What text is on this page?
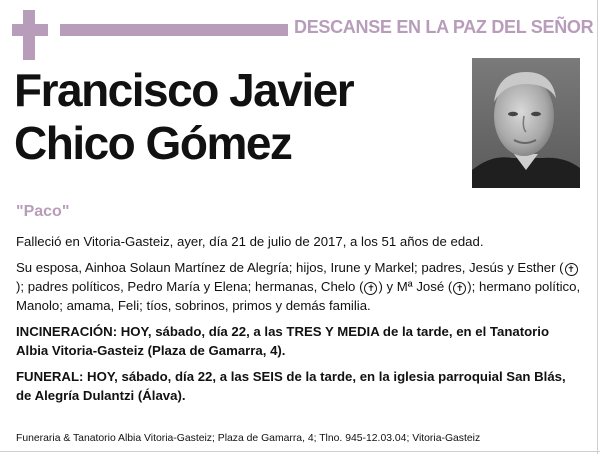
DESCANSE EN LA PAZ DEL SEÑOR
Francisco Javier
Chico Gómez
"Paco"

Falleció en Vitoria-Gasteiz, ayer, día 21 de julio de 2017, a los 51 años de edad.

Su esposa, Ainhoa Solaun Martínez de Alegría; hijos, Irune y Markel; padres, Jesús y Esther ( ✝); padres políticos, Pedro María y Elena; hermanas, Chelo ( ✝ ) y Mª José ( ✝ ); hermano político, Manolo; amama, Feli; tíos, sobrinos, primos y demás familia.

INCINERACIÓN: HOY, sábado, día 22, a las TRES Y MEDIA de la tarde, en el Tanatorio Albia Vitoria-Gasteiz (Plaza de Gamarra, 4).

FUNERAL: HOY, sábado, día 22, a las SEIS de la tarde, en la iglesia parroquial San Blás, de Alegría Dulantzi (Álava).

Funeraria & Tanatorio Albia Vitoria-Gasteiz; Plaza de Gamarra, 4; Tlno. 945-12.03.04; Vitoria-Gasteiz
